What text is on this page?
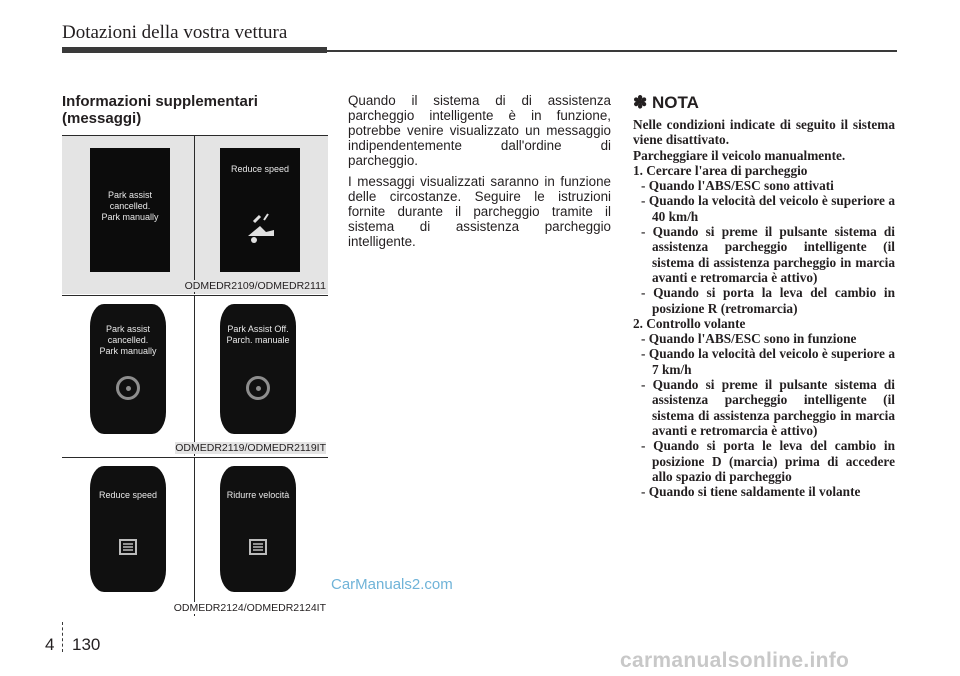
Dotazioni della vostra vettura
Informazioni supplementari (messaggi)
Park assist
cancelled.
Park manually
Reduce speed
ODMEDR2109/ODMEDR2111
Park assist
cancelled.
Park manually
Park Assist Off.
Parch. manuale
ODMEDR2119/ODMEDR2119IT
Reduce speed	Ridurre velocità
ODMEDR2124/ODMEDR2124IT

Quando il sistema di di assistenza parcheggio intelligente è in funzione, potrebbe venire visualizzato un messaggio indipendentemente dall'ordine di parcheggio.

I messaggi visualizzati saranno in funzione delle circostanze. Seguire le istruzioni fornite durante il parcheggio tramite il sistema di assistenza parcheggio intelligente.

✽ NOTA
Nelle condizioni indicate di seguito il sistema viene disattivato.
Parcheggiare il veicolo manualmente.
1. Cercare l'area di parcheggio
- Quando l'ABS/ESC sono attivati
- Quando la velocità del veicolo è superiore a 40 km/h
- Quando si preme il pulsante sistema di assistenza parcheggio intelligente (il sistema di assistenza parcheggio in marcia avanti e retromarcia è attivo)
- Quando si porta la leva del cambio in posizione R (retromarcia)
2. Controllo volante
- Quando l'ABS/ESC sono in funzione
- Quando la velocità del veicolo è superiore a 7 km/h
- Quando si preme il pulsante sistema di assistenza parcheggio intelligente (il sistema di assistenza parcheggio in marcia avanti e retromarcia è attivo)
- Quando si porta le leva del cambio in posizione D (marcia) prima di accedere allo spazio di parcheggio
- Quando si tiene saldamente il volante
CarManuals2.com
4 130
carmanualsonline.info
